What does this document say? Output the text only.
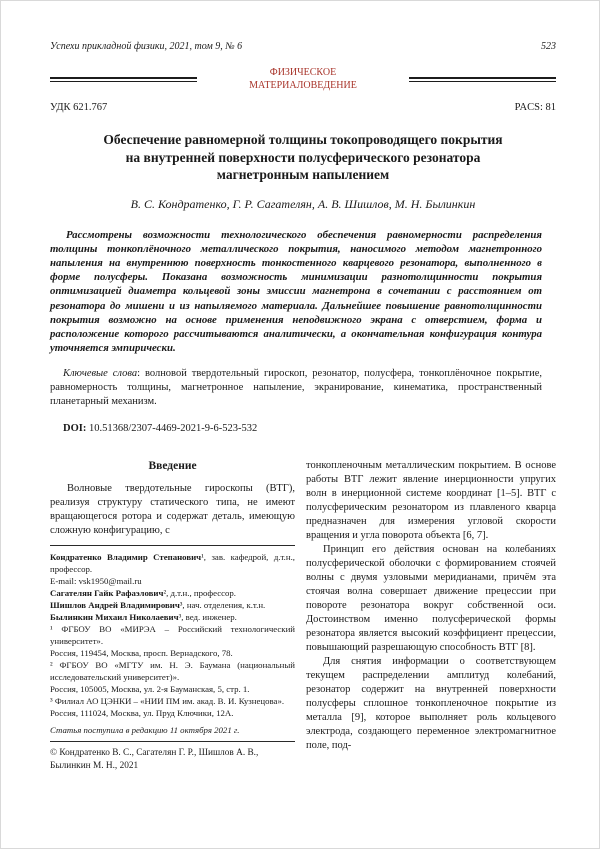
Успехи прикладной физики, 2021, том 9, № 6	523
ФИЗИЧЕСКОЕ
МАТЕРИАЛОВЕДЕНИЕ
УДК 621.767	PACS: 81
Обеспечение равномерной толщины токопроводящего покрытия
на внутренней поверхности полусферического резонатора
магнетронным напылением
В. С. Кондратенко, Г. Р. Сагателян, А. В. Шишлов, М. Н. Былинкин
Рассмотрены возможности технологического обеспечения равномерности распределения толщины тонкоплёночного металлического покрытия, наносимого методом магнетронного напыления на внутреннюю поверхность тонкостенного кварцевого резонатора, выполненного в форме полусферы. Показана возможность минимизации разнотолщинности покрытия оптимизацией диаметра кольцевой зоны эмиссии магнетрона в сочетании с расстоянием от резонатора до мишени и из напыляемого материала. Дальнейшее повышение равнотолщинности покрытия возможно на основе применения неподвижного экрана с отверстием, форма и расположение которого рассчитываются аналитически, а окончательная конфигурация контура уточняется эмпирически.
Ключевые слова: волновой твердотельный гироскоп, резонатор, полусфера, тонкоплёночное покрытие, равномерность толщины, магнетронное напыление, экранирование, кинематика, пространственный планетарный механизм.
DOI: 10.51368/2307-4469-2021-9-6-523-532
Введение
Волновые твердотельные гироскопы (ВТГ), реализуя структуру статического типа, не имеют вращающегося ротора и содержат деталь, имеющую сложную конфигурацию, с
Кондратенко Владимир Степанович¹, зав. кафедрой, д.т.н., профессор.
E-mail: vsk1950@mail.ru
Сагателян Гайк Рафаэлович², д.т.н., профессор.
Шишлов Андрей Владимирович³, нач. отделения, к.т.н.
Былинкин Михаил Николаевич³, вед. инженер.
¹ ФГБОУ ВО «МИРЭА – Российский технологический университет».
Россия, 119454, Москва, просп. Вернадского, 78.
² ФГБОУ ВО «МГТУ им. Н. Э. Баумана (национальный исследовательский университет)».
Россия, 105005, Москва, ул. 2-я Бауманская, 5, стр. 1.
³ Филиал АО ЦЭНКИ – «НИИ ПМ им. акад. В. И. Кузнецова».
Россия, 111024, Москва, ул. Пруд Ключики, 12А.
Статья поступила в редакцию 11 октября 2021 г.
© Кондратенко В. С., Сагателян Г. Р., Шишлов А. В., Былинкин М. Н., 2021
тонкопленочным металлическим покрытием. В основе работы ВТГ лежит явление инерционности упругих волн в инерционной системе координат [1–5]. ВТГ с полусферическим резонатором из плавленого кварца предназначен для измерения угловой скорости вращения и угла поворота объекта [6, 7].
Принцип его действия основан на колебаниях полусферической оболочки с формированием стоячей волны с двумя узловыми меридианами, причём эта стоячая волна совершает движение прецессии при повороте резонатора вокруг собственной оси. Достоинством именно полусферической формы резонатора является высокий коэффициент прецессии, повышающий разрешающую способность ВТГ [8].
Для снятия информации о соответствующем текущем распределении амплитуд колебаний, резонатор содержит на внутренней поверхности полусферы сплошное тонкопленочное покрытие из металла [9], которое выполняет роль кольцевого электрода, создающего переменное электромагнитное поле, под-
